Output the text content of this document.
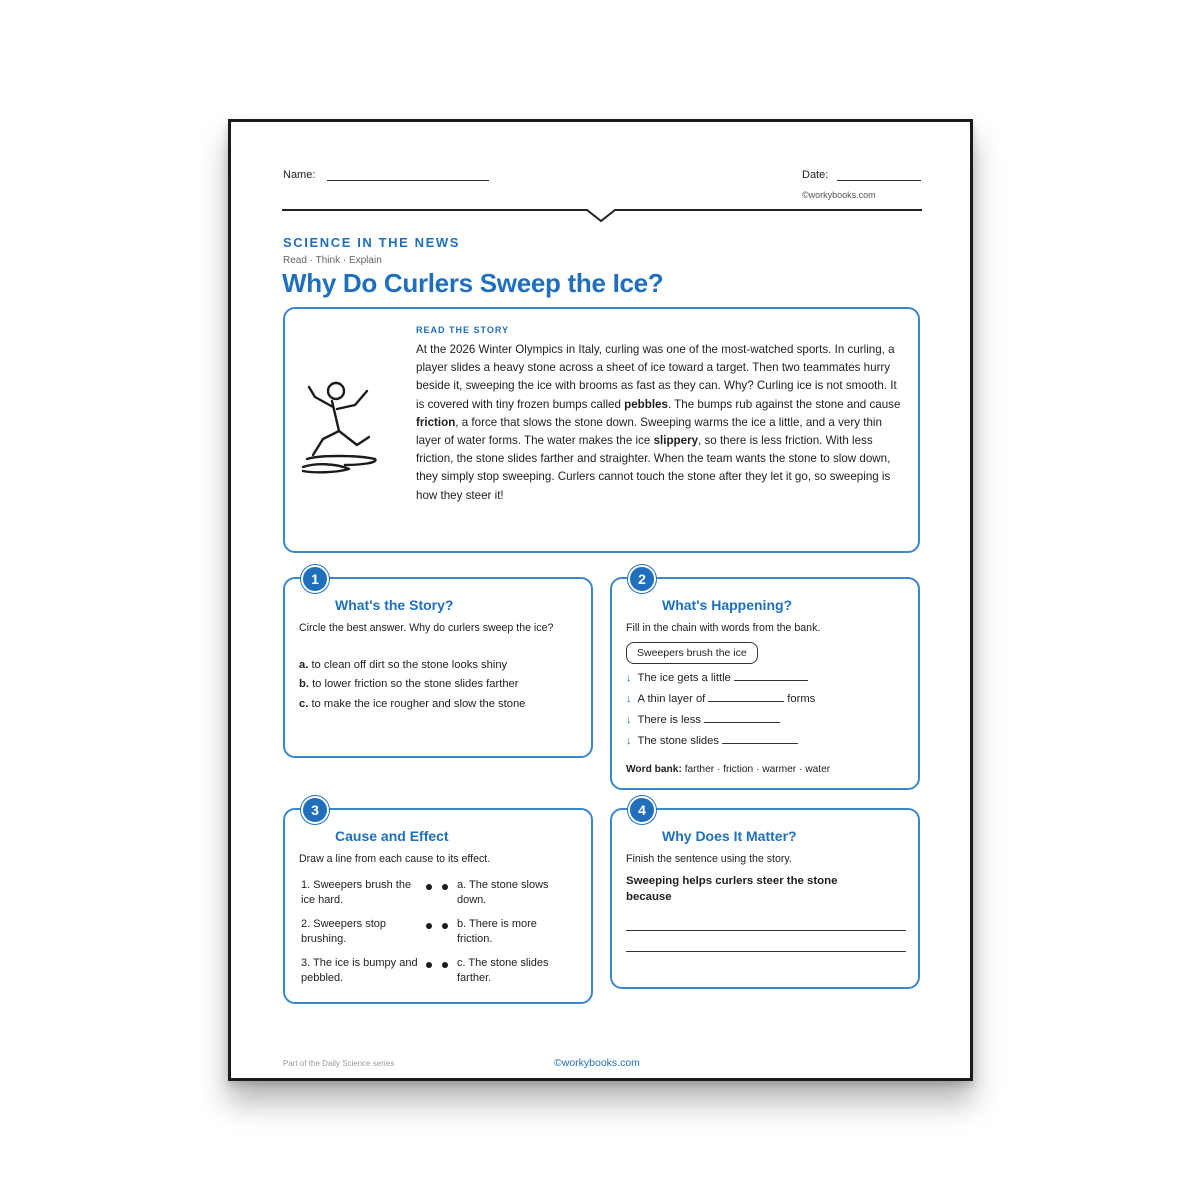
Name:	Date:
©workybooks.com
SCIENCE IN THE NEWS
Read · Think · Explain
Why Do Curlers Sweep the Ice?
READ THE STORY
At the 2026 Winter Olympics in Italy, curling was one of the most-watched sports. In curling, a player slides a heavy stone across a sheet of ice toward a target. Then two teammates hurry beside it, sweeping the ice with brooms as fast as they can. Why? Curling ice is not smooth. It is covered with tiny frozen bumps called pebbles. The bumps rub against the stone and cause friction, a force that slows the stone down. Sweeping warms the ice a little, and a very thin layer of water forms. The water makes the ice slippery, so there is less friction. With less friction, the stone slides farther and straighter. When the team wants the stone to slow down, they simply stop sweeping. Curlers cannot touch the stone after they let it go, so sweeping is how they steer it!
What's the Story?
Circle the best answer. Why do curlers sweep the ice?
a. to clean off dirt so the stone looks shiny
b. to lower friction so the stone slides farther
c. to make the ice rougher and slow the stone
1
What's Happening?
Fill in the chain with words from the bank.
Sweepers brush the ice
↓ The ice gets a little
↓ A thin layer of	forms
↓ There is less
↓ The stone slides
Word bank: farther · friction · warmer · water
2
Cause and Effect
Draw a line from each cause to its effect.
1. Sweepers brush the ice hard.
2. Sweepers stop brushing.
3. The ice is bumpy and pebbled.
a. The stone slows down.
b. There is more friction.
c. The stone slides farther.
3
Why Does It Matter?
Finish the sentence using the story.
Sweeping helps curlers steer the stone because
4
Part of the Daily Science series	©workybooks.com
